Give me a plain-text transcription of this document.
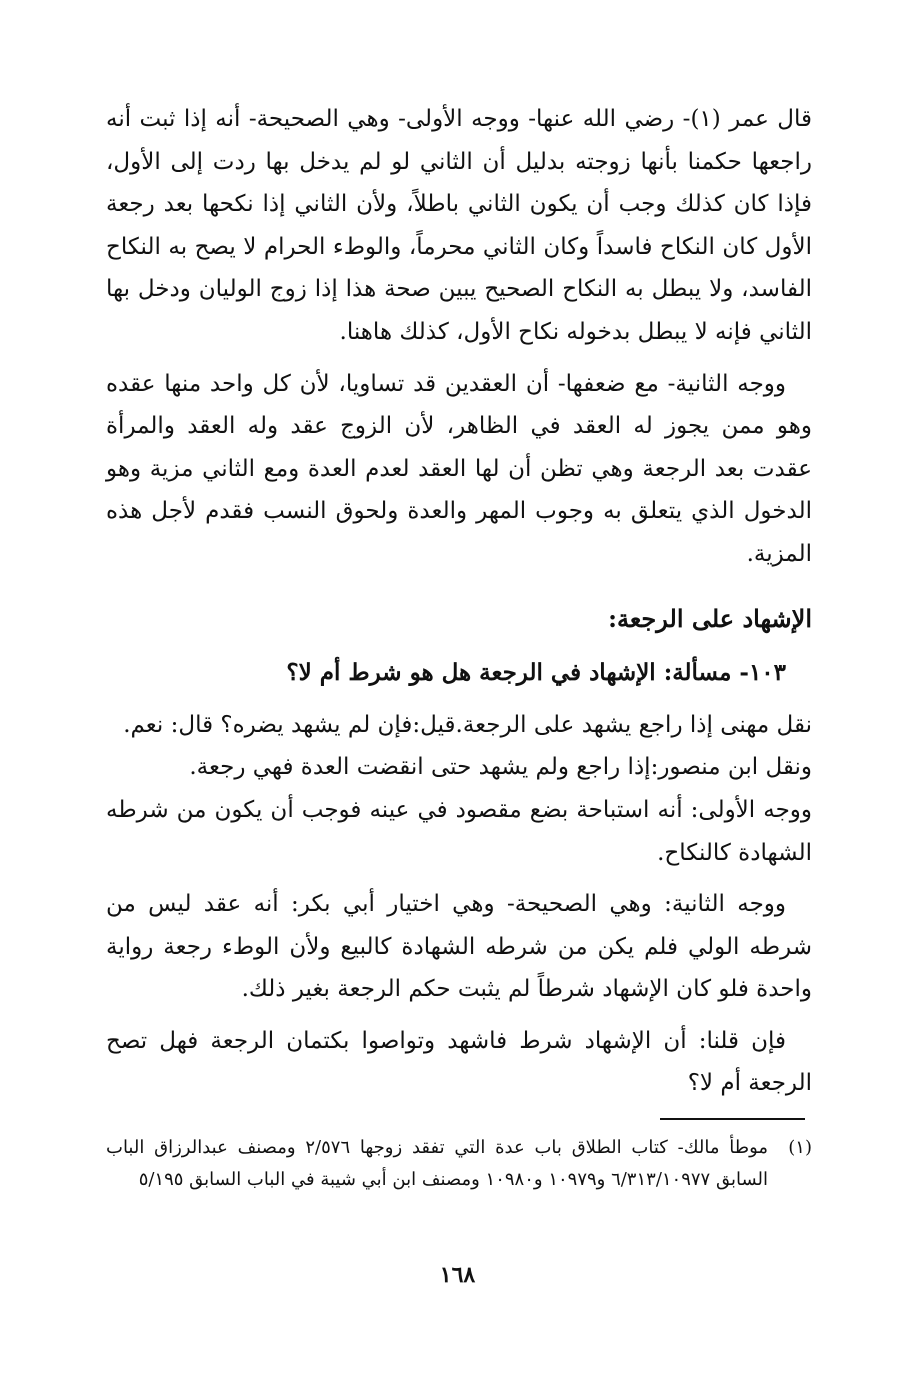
قال عمر (١)- رضي الله عنها- ووجه الأولى- وهي الصحيحة- أنه إذا ثبت أنه راجعها حكمنا بأنها زوجته بدليل أن الثاني لو لم يدخل بها ردت إلى الأول، فإذا كان كذلك وجب أن يكون الثاني باطلاً، ولأن الثاني إذا نكحها بعد رجعة الأول كان النكاح فاسداً وكان الثاني محرماً، والوطء الحرام لا يصح به النكاح الفاسد، ولا يبطل به النكاح الصحيح يبين صحة هذا إذا زوج الوليان ودخل بها الثاني فإنه لا يبطل بدخوله نكاح الأول، كذلك هاهنا.

ووجه الثانية- مع ضعفها- أن العقدين قد تساويا، لأن كل واحد منها عقده وهو ممن يجوز له العقد في الظاهر، لأن الزوج عقد وله العقد والمرأة عقدت بعد الرجعة وهي تظن أن لها العقد لعدم العدة ومع الثاني مزية وهو الدخول الذي يتعلق به وجوب المهر والعدة ولحوق النسب فقدم لأجل هذه المزية.

الإشهاد على الرجعة:

١٠٣- مسألة: الإشهاد في الرجعة هل هو شرط أم لا؟

نقل مهنى إذا راجع يشهد على الرجعة.قيل:فإن لم يشهد يضره؟ قال: نعم.

ونقل ابن منصور:إذا راجع ولم يشهد حتى انقضت العدة فهي رجعة.

ووجه الأولى: أنه استباحة بضع مقصود في عينه فوجب أن يكون من شرطه الشهادة كالنكاح.

ووجه الثانية: وهي الصحيحة- وهي اختيار أبي بكر: أنه عقد ليس من شرطه الولي فلم يكن من شرطه الشهادة كالبيع ولأن الوطء رجعة رواية واحدة فلو كان الإشهاد شرطاً لم يثبت حكم الرجعة بغير ذلك.

فإن قلنا: أن الإشهاد شرط فاشهد وتواصوا بكتمان الرجعة فهل تصح الرجعة أم لا؟

(١)
موطأ مالك- كتاب الطلاق باب عدة التي تفقد زوجها ٢/٥٧٦ ومصنف عبدالرزاق الباب السابق ٦/٣١٣/١٠٩٧٧ و١٠٩٧٩ و١٠٩٨٠ ومصنف ابن أبي شيبة في الباب السابق ٥/١٩٥
١٦٨
